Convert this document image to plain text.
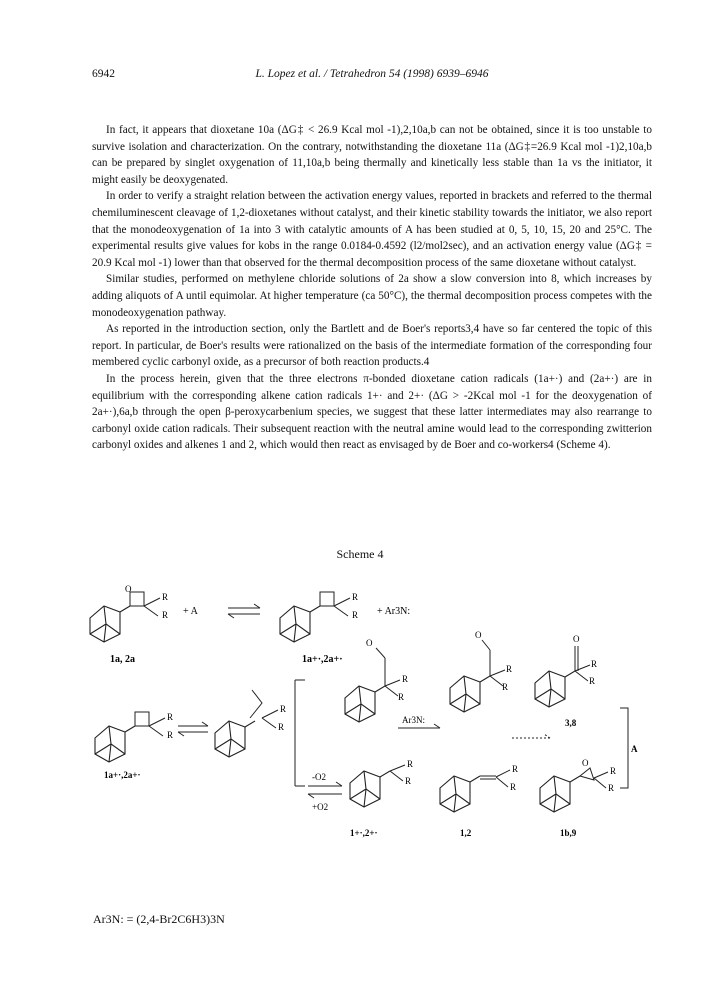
6942	L. Lopez et al. / Tetrahedron 54 (1998) 6939–6946

In fact, it appears that dioxetane 10a (ΔG‡ < 26.9 Kcal mol -1),2,10a,b can not be obtained, since it is too unstable to survive isolation and characterization. On the contrary, notwithstanding the dioxetane 11a (ΔG‡=26.9 Kcal mol -1)2,10a,b can be prepared by singlet oxygenation of 11,10a,b being thermally and kinetically less stable than 1a vs the initiator, it might easily be deoxygenated.

In order to verify a straight relation between the activation energy values, reported in brackets and referred to the thermal chemiluminescent cleavage of 1,2-dioxetanes without catalyst, and their kinetic stability towards the initiator, we also report that the monodeoxygenation of 1a into 3 with catalytic amounts of A has been studied at 0, 5, 10, 15, 20 and 25°C. The experimental results give values for kobs in the range 0.0184-0.4592 (l2/mol2sec), and an activation energy value (ΔG‡ = 20.9 Kcal mol -1) lower than that observed for the thermal decomposition process of the same dioxetane without catalyst.

Similar studies, performed on methylene chloride solutions of 2a show a slow conversion into 8, which increases by adding aliquots of A until equimolar. At higher temperature (ca 50°C), the thermal decomposition process competes with the monodeoxygenation pathway.

As reported in the introduction section, only the Bartlett and de Boer's reports3,4 have so far centered the topic of this report. In particular, de Boer's results were rationalized on the basis of the intermediate formation of the corresponding four membered cyclic carbonyl oxide, as a precursor of both reaction products.4

In the process herein, given that the three electrons π-bonded dioxetane cation radicals (1a+·) and (2a+·) are in equilibrium with the corresponding alkene cation radicals 1+· and 2+· (ΔG > -2Kcal mol -1 for the deoxygenation of 2a+·),6a,b through the open β-peroxycarbenium species, we suggest that these latter intermediates may also rearrange to carbonyl oxide cation radicals. Their subsequent reaction with the neutral amine would lead to the corresponding zwitterion carbonyl oxides and alkenes 1 and 2, which would then react as envisaged by de Boer and co-workers4 (Scheme 4).

Scheme 4
O
R
R + A
R
R + Ar3N:
1a, 2a	1a+·,2a+·
R
R
1a+·,2a+·
R
R
-O2
+O2
O
R
R
Ar3N:
O
R
R
O
R
R
3,8
A
R
R
1+·,2+·
R
R
1,2
O
R
R
1b,9
Ar3N: = (2,4-Br2C6H3)3N
